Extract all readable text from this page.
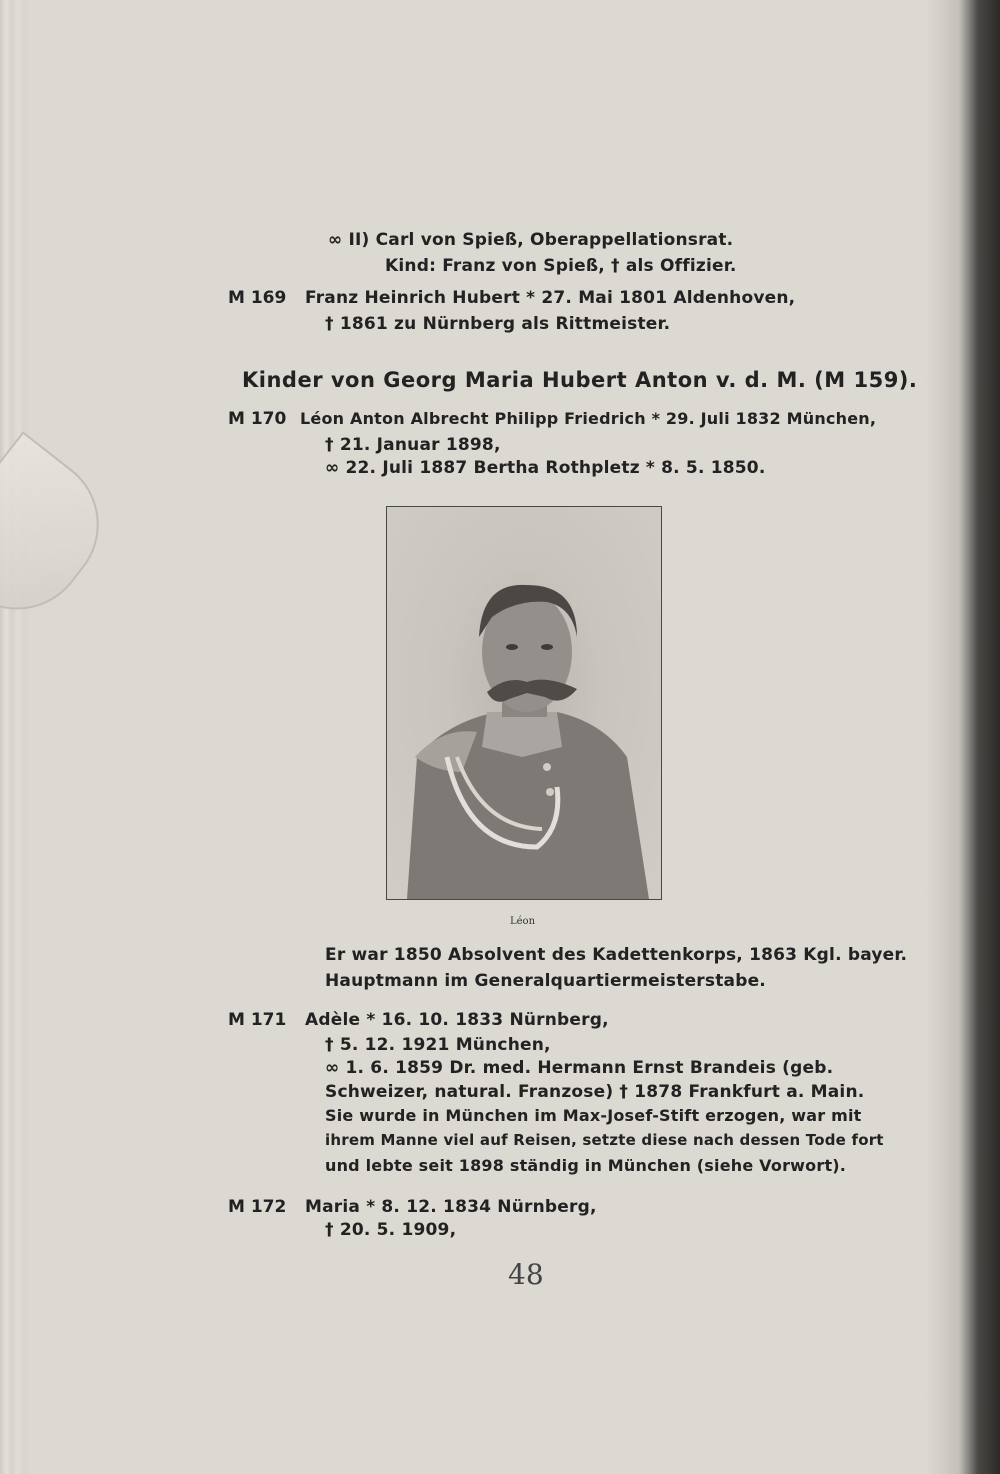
∞ II) Carl von Spieß, Oberappellationsrat.
Kind: Franz von Spieß, † als Offizier.
M 169 Franz Heinrich Hubert * 27. Mai 1801 Aldenhoven,
† 1861 zu Nürnberg als Rittmeister.
Kinder von Georg Maria Hubert Anton v. d. M. (M 159).
M 170 Léon Anton Albrecht Philipp Friedrich * 29. Juli 1832 München,
† 21. Januar 1898,
∞ 22. Juli 1887 Bertha Rothpletz * 8. 5. 1850.
Léon
Er war 1850 Absolvent des Kadettenkorps, 1863 Kgl. bayer.
Hauptmann im Generalquartiermeisterstabe.
M 171 Adèle * 16. 10. 1833 Nürnberg,
† 5. 12. 1921 München,
∞ 1. 6. 1859 Dr. med. Hermann Ernst Brandeis (geb.
Schweizer, natural. Franzose) † 1878 Frankfurt a. Main.
Sie wurde in München im Max-Josef-Stift erzogen, war mit
ihrem Manne viel auf Reisen, setzte diese nach dessen Tode fort
und lebte seit 1898 ständig in München (siehe Vorwort).
M 172 Maria * 8. 12. 1834 Nürnberg,
† 20. 5. 1909,
48
